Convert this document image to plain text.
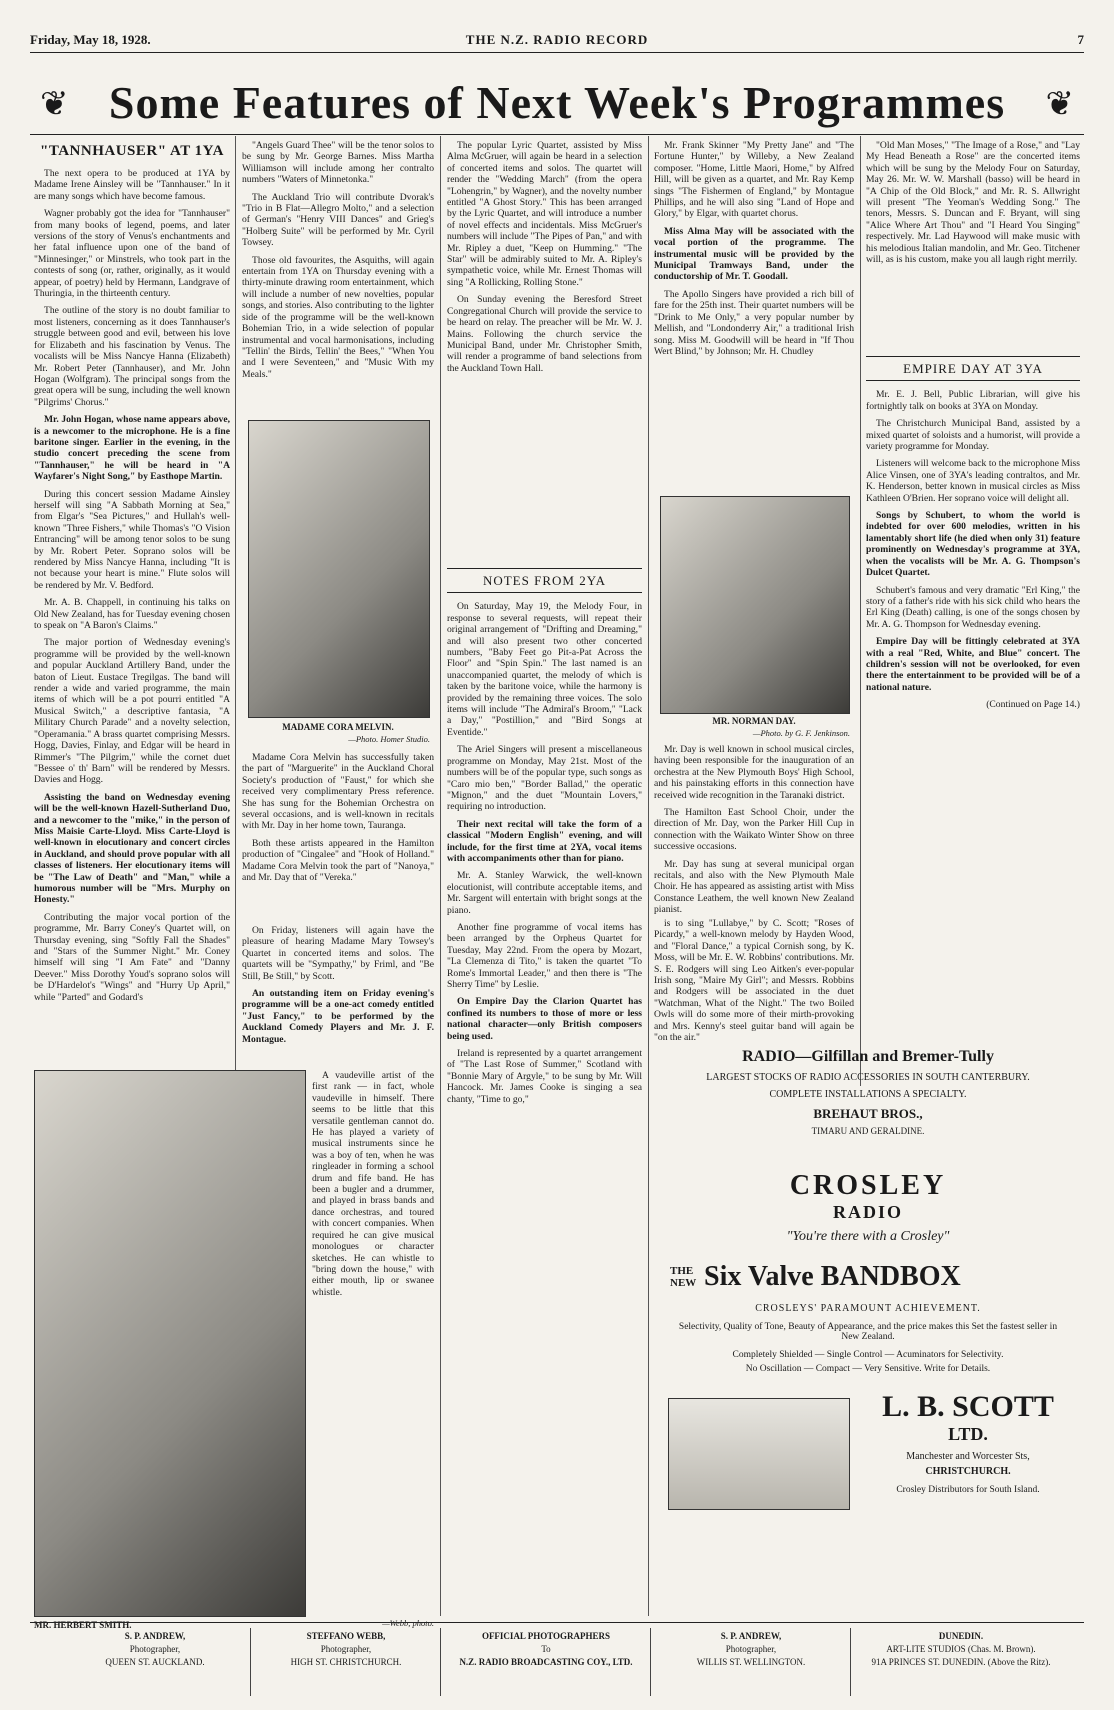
Friday, May 18, 1928.	THE N.Z. RADIO RECORD	7
❦ Some Features of Next Week's Programmes	❦
"TANNHAUSER" AT 1YA

The next opera to be produced at 1YA by Madame Irene Ainsley will be "Tannhauser." In it are many songs which have become famous.

Wagner probably got the idea for "Tannhauser" from many books of legend, poems, and later versions of the story of Venus's enchantments and her fatal influence upon one of the band of "Minnesinger," or Minstrels, who took part in the contests of song (or, rather, originally, as it would appear, of poetry) held by Hermann, Landgrave of Thuringia, in the thirteenth century.

The outline of the story is no doubt familiar to most listeners, concerning as it does Tannhauser's struggle between good and evil, between his love for Elizabeth and his fascination by Venus. The vocalists will be Miss Nancye Hanna (Elizabeth) Mr. Robert Peter (Tannhauser), and Mr. John Hogan (Wolfgram). The principal songs from the great opera will be sung, including the well known "Pilgrims' Chorus."

Mr. John Hogan, whose name appears above, is a newcomer to the microphone. He is a fine baritone singer. Earlier in the evening, in the studio concert preceding the scene from "Tannhauser," he will be heard in "A Wayfarer's Night Song," by Easthope Martin.

During this concert session Madame Ainsley herself will sing "A Sabbath Morning at Sea," from Elgar's "Sea Pictures," and Hullah's well-known "Three Fishers," while Thomas's "O Vision Entrancing" will be among tenor solos to be sung by Mr. Robert Peter. Soprano solos will be rendered by Miss Nancye Hanna, including "It is not because your heart is mine." Flute solos will be rendered by Mr. V. Bedford.

Mr. A. B. Chappell, in continuing his talks on Old New Zealand, has for Tuesday evening chosen to speak on "A Baron's Claims."

The major portion of Wednesday evening's programme will be provided by the well-known and popular Auckland Artillery Band, under the baton of Lieut. Eustace Tregilgas. The band will render a wide and varied programme, the main items of which will be a pot pourri entitled "A Musical Switch," a descriptive fantasia, "A Military Church Parade" and a novelty selection, "Operamania." A brass quartet comprising Messrs. Hogg, Davies, Finlay, and Edgar will be heard in Rimmer's "The Pilgrim," while the cornet duet "Bessee o' th' Barn" will be rendered by Messrs. Davies and Hogg.

Assisting the band on Wednesday evening will be the well-known Hazell-Sutherland Duo, and a newcomer to the "mike," in the person of Miss Maisie Carte-Lloyd. Miss Carte-Lloyd is well-known in elocutionary and concert circles in Auckland, and should prove popular with all classes of listeners. Her elocutionary items will be "The Law of Death" and "Man," while a humorous number will be "Mrs. Murphy on Honesty."

Contributing the major vocal portion of the programme, Mr. Barry Coney's Quartet will, on Thursday evening, sing "Softly Fall the Shades" and "Stars of the Summer Night." Mr. Coney himself will sing "I Am Fate" and "Danny Deever." Miss Dorothy Youd's soprano solos will be D'Hardelot's "Wings" and "Hurry Up April," while "Parted" and Godard's

"Angels Guard Thee" will be the tenor solos to be sung by Mr. George Barnes. Miss Martha Williamson will include among her contralto numbers "Waters of Minnetonka."

The Auckland Trio will contribute Dvorak's "Trio in B Flat—Allegro Molto," and a selection of German's "Henry VIII Dances" and Grieg's "Holberg Suite" will be performed by Mr. Cyril Towsey.

Those old favourites, the Asquiths, will again entertain from 1YA on Thursday evening with a thirty-minute drawing room entertainment, which will include a number of new novelties, popular songs, and stories. Also contributing to the lighter side of the programme will be the well-known Bohemian Trio, in a wide selection of popular instrumental and vocal harmonisations, including "Tellin' the Birds, Tellin' the Bees," "When You and I were Seventeen," and "Music With my Meals."

MADAME CORA MELVIN.
—Photo. Homer Studio.

Madame Cora Melvin has successfully taken the part of "Marguerite" in the Auckland Choral Society's production of "Faust," for which she received very complimentary Press reference. She has sung for the Bohemian Orchestra on several occasions, and is well-known in recitals with Mr. Day in her home town, Tauranga.

Both these artists appeared in the Hamilton production of "Cingalee" and "Hook of Holland." Madame Cora Melvin took the part of "Nanoya," and Mr. Day that of "Vereka."

On Friday, listeners will again have the pleasure of hearing Madame Mary Towsey's Quartet in concerted items and solos. The quartets will be "Sympathy," by Friml, and "Be Still, Be Still," by Scott.

An outstanding item on Friday evening's programme will be a one-act comedy entitled "Just Fancy," to be performed by the Auckland Comedy Players and Mr. J. F. Montague.

MR. HERBERT SMITH.

A vaudeville artist of the first rank — in fact, whole vaudeville in himself. There seems to be little that this versatile gentleman cannot do. He has played a variety of musical instruments since he was a boy of ten, when he was ringleader in forming a school drum and fife band. He has been a bugler and a drummer, and played in brass bands and dance orchestras, and toured with concert companies. When required he can give musical monologues or character sketches. He can whistle to "bring down the house," with either mouth, lip or swanee whistle.

—Webb, photo.

The popular Lyric Quartet, assisted by Miss Alma McGruer, will again be heard in a selection of concerted items and solos. The quartet will render the "Wedding March" (from the opera "Lohengrin," by Wagner), and the novelty number entitled "A Ghost Story." This has been arranged by the Lyric Quartet, and will introduce a number of novel effects and incidentals. Miss McGruer's numbers will include "The Pipes of Pan," and with Mr. Ripley a duet, "Keep on Humming." "The Star" will be admirably suited to Mr. A. Ripley's sympathetic voice, while Mr. Ernest Thomas will sing "A Rollicking, Rolling Stone."

On Sunday evening the Beresford Street Congregational Church will provide the service to be heard on relay. The preacher will be Mr. W. J. Mains. Following the church service the Municipal Band, under Mr. Christopher Smith, will render a programme of band selections from the Auckland Town Hall.

NOTES FROM 2YA

On Saturday, May 19, the Melody Four, in response to several requests, will repeat their original arrangement of "Drifting and Dreaming," and will also present two other concerted numbers, "Baby Feet go Pit-a-Pat Across the Floor" and "Spin Spin." The last named is an unaccompanied quartet, the melody of which is taken by the baritone voice, while the harmony is provided by the remaining three voices. The solo items will include "The Admiral's Broom," "Lack a Day," "Postillion," and "Bird Songs at Eventide."

The Ariel Singers will present a miscellaneous programme on Monday, May 21st. Most of the numbers will be of the popular type, such songs as "Caro mio ben," "Border Ballad," the operatic "Mignon," and the duet "Mountain Lovers," requiring no introduction.

Their next recital will take the form of a classical "Modern English" evening, and will include, for the first time at 2YA, vocal items with accompaniments other than for piano.

Mr. A. Stanley Warwick, the well-known elocutionist, will contribute acceptable items, and Mr. Sargent will entertain with bright songs at the piano.

Another fine programme of vocal items has been arranged by the Orpheus Quartet for Tuesday, May 22nd. From the opera by Mozart, "La Clemenza di Tito," is taken the quartet "To Rome's Immortal Leader," and then there is "The Sherry Time" by Leslie.

On Empire Day the Clarion Quartet has confined its numbers to those of more or less national character—only British composers being used.

Ireland is represented by a quartet arrangement of "The Last Rose of Summer," Scotland with "Bonnie Mary of Argyle," to be sung by Mr. Will Hancock. Mr. James Cooke is singing a sea chanty, "Time to go,"

Mr. Frank Skinner "My Pretty Jane" and "The Fortune Hunter," by Willeby, a New Zealand composer. "Home, Little Maori, Home," by Alfred Hill, will be given as a quartet, and Mr. Ray Kemp sings "The Fishermen of England," by Montague Phillips, and he will also sing "Land of Hope and Glory," by Elgar, with quartet chorus.

Miss Alma May will be associated with the vocal portion of the programme. The instrumental music will be provided by the Municipal Tramways Band, under the conductorship of Mr. T. Goodall.

The Apollo Singers have provided a rich bill of fare for the 25th inst. Their quartet numbers will be "Drink to Me Only," a very popular number by Mellish, and "Londonderry Air," a traditional Irish song. Miss M. Goodwill will be heard in "If Thou Wert Blind," by Johnson; Mr. H. Chudley

MR. NORMAN DAY.
—Photo. by G. F. Jenkinson.

Mr. Day is well known in school musical circles, having been responsible for the inauguration of an orchestra at the New Plymouth Boys' High School, and his painstaking efforts in this connection have received wide recognition in the Taranaki district.

The Hamilton East School Choir, under the direction of Mr. Day, won the Parker Hill Cup in connection with the Waikato Winter Show on three successive occasions.

Mr. Day has sung at several municipal organ recitals, and also with the New Plymouth Male Choir. He has appeared as assisting artist with Miss Constance Leathem, the well known New Zealand pianist.

is to sing "Lullabye," by C. Scott; "Roses of Picardy," a well-known melody by Hayden Wood, and "Floral Dance," a typical Cornish song, by K. Moss, will be Mr. E. W. Robbins' contributions. Mr. S. E. Rodgers will sing Leo Aitken's ever-popular Irish song, "Maire My Girl"; and Messrs. Robbins and Rodgers will be associated in the duet "Watchman, What of the Night." The two Boiled Owls will do some more of their mirth-provoking and Mrs. Kenny's steel guitar band will again be "on the air."

"Old Man Moses," "The Image of a Rose," and "Lay My Head Beneath a Rose" are the concerted items which will be sung by the Melody Four on Saturday, May 26. Mr. W. W. Marshall (basso) will be heard in "A Chip of the Old Block," and Mr. R. S. Allwright will present "The Yeoman's Wedding Song." The tenors, Messrs. S. Duncan and F. Bryant, will sing "Alice Where Art Thou" and "I Heard You Singing" respectively. Mr. Lad Haywood will make music with his melodious Italian mandolin, and Mr. Geo. Titchener will, as is his custom, make you all laugh right merrily.

EMPIRE DAY AT 3YA

Mr. E. J. Bell, Public Librarian, will give his fortnightly talk on books at 3YA on Monday.

The Christchurch Municipal Band, assisted by a mixed quartet of soloists and a humorist, will provide a variety programme for Monday.

Listeners will welcome back to the microphone Miss Alice Vinsen, one of 3YA's leading contraltos, and Mr. K. Henderson, better known in musical circles as Miss Kathleen O'Brien. Her soprano voice will delight all.

Songs by Schubert, to whom the world is indebted for over 600 melodies, written in his lamentably short life (he died when only 31) feature prominently on Wednesday's programme at 3YA, when the vocalists will be Mr. A. G. Thompson's Dulcet Quartet.

Schubert's famous and very dramatic "Erl King," the story of a father's ride with his sick child who hears the Erl King (Death) calling, is one of the songs chosen by Mr. A. G. Thompson for Wednesday evening.

Empire Day will be fittingly celebrated at 3YA with a real "Red, White, and Blue" concert. The children's session will not be overlooked, for even there the entertainment to be provided will be of a national nature.

(Continued on Page 14.)

RADIO—Gilfillan and Bremer-Tully
LARGEST STOCKS OF RADIO ACCESSORIES IN SOUTH CANTERBURY.
COMPLETE INSTALLATIONS A SPECIALTY.
BREHAUT BROS.,
TIMARU AND GERALDINE.
CROSLEY
RADIO
"You're there with a Crosley"
THE NEW Six Valve BANDBOX
CROSLEYS' PARAMOUNT ACHIEVEMENT.
Selectivity, Quality of Tone, Beauty of Appearance, and the price makes this Set the fastest seller in New Zealand.
Completely Shielded — Single Control — Acuminators for Selectivity.
No Oscillation — Compact — Very Sensitive. Write for Details.
L. B. SCOTT
LTD.
Manchester and Worcester Sts,
CHRISTCHURCH.
Crosley Distributors for South Island.
S. P. ANDREW,
Photographer,
QUEEN ST. AUCKLAND.
STEFFANO WEBB,
Photographer,
HIGH ST. CHRISTCHURCH.
OFFICIAL PHOTOGRAPHERS
To
N.Z. RADIO BROADCASTING COY., LTD.
S. P. ANDREW,
Photographer,
WILLIS ST. WELLINGTON.
DUNEDIN.
ART-LITE STUDIOS (Chas. M. Brown).
91A PRINCES ST. DUNEDIN. (Above the Ritz).
